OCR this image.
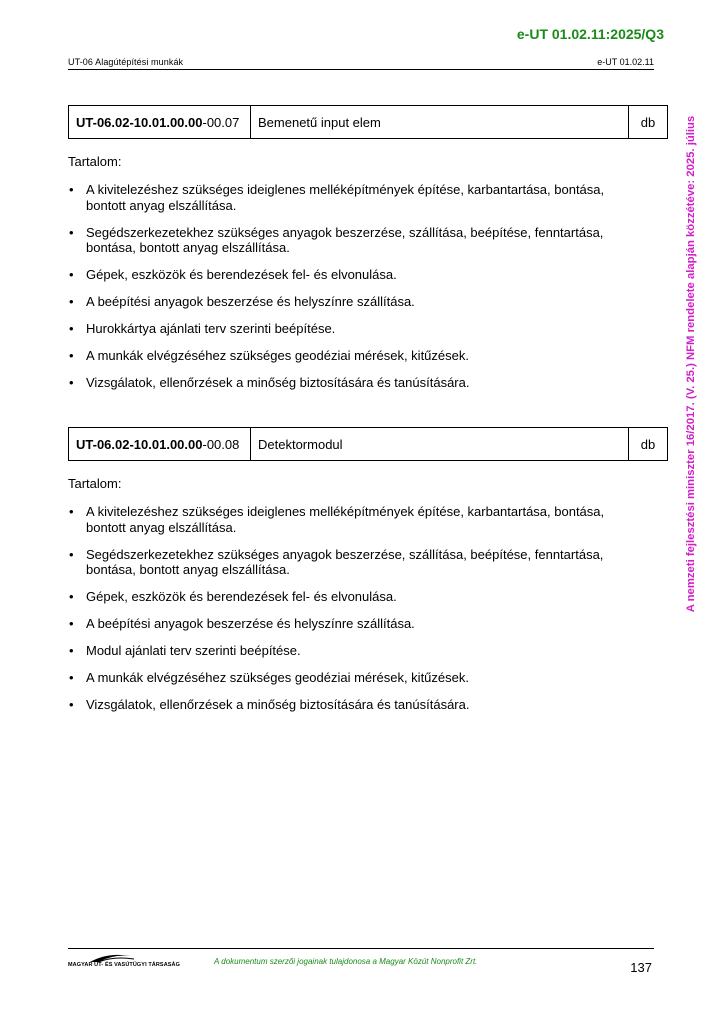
e-UT 01.02.11:2025/Q3
UT-06 Alagútépítési munkák	e-UT 01.02.11
A nemzeti fejlesztési miniszter 16/2017. (V. 25.) NFM rendelete alapján közzétéve: 2025. július
UT-06.02-10.01.00.00 -00.07	Bemenetű input elem	db
Tartalom:
• A kivitelezéshez szükséges ideiglenes melléképítmények építése, karbantartása, bontása, bontott anyag elszállítása.
• Segédszerkezetekhez szükséges anyagok beszerzése, szállítása, beépítése, fenntartása, bontása, bontott anyag elszállítása.
• Gépek, eszközök és berendezések fel- és elvonulása.
• A beépítési anyagok beszerzése és helyszínre szállítása.
• Hurokkártya ajánlati terv szerinti beépítése.
• A munkák elvégzéséhez szükséges geodéziai mérések, kitűzések.
• Vizsgálatok, ellenőrzések a minőség biztosítására és tanúsítására.
UT-06.02-10.01.00.00 -00.08	Detektormodul	db
Tartalom:
• A kivitelezéshez szükséges ideiglenes melléképítmények építése, karbantartása, bontása, bontott anyag elszállítása.
• Segédszerkezetekhez szükséges anyagok beszerzése, szállítása, beépítése, fenntartása, bontása, bontott anyag elszállítása.
• Gépek, eszközök és berendezések fel- és elvonulása.
• A beépítési anyagok beszerzése és helyszínre szállítása.
• Modul ajánlati terv szerinti beépítése.
• A munkák elvégzéséhez szükséges geodéziai mérések, kitűzések.
• Vizsgálatok, ellenőrzések a minőség biztosítására és tanúsítására.
MAGYAR ÚT- ÉS VASÚTÜGYI TÁRSASÁG	A dokumentum szerzői jogainak tulajdonosa a Magyar Közút Nonprofit Zrt.	137
